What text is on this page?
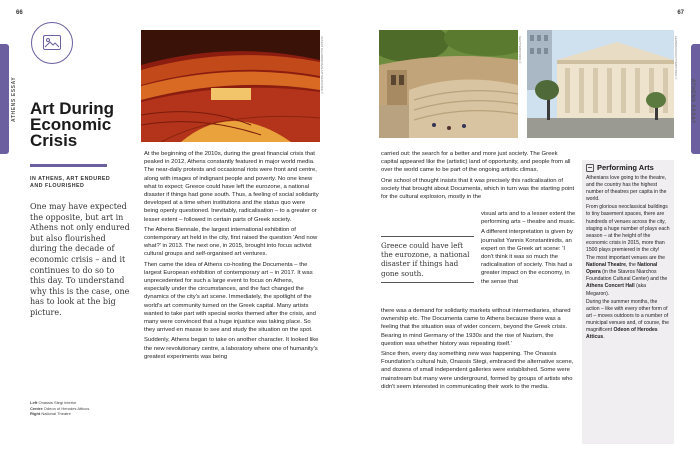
66	67
ATHENS ESSAY	ATHENS ESSAY
Art During Economic Crisis
IN ATHENS, ART ENDURED AND FLOURISHED
One may have expected the opposite, but art in Athens not only endured but also flourished during the decade of economic crisis – and it continues to do so to this day. To understand why this is the case, one has to look at the big picture.
Left Onassis Stegi interior
Centre Odeon of Herodes Atticus
Right National Theatre
VASILIS KALOGIROS/SHUTTERSTOCK ©	SHUTTERSTOCK ©	LEONIDAS/SHUTTERSTOCK ©

At the beginning of the 2010s, during the great financial crisis that peaked in 2012, Athens constantly featured in major world media. The near-daily protests and occasional riots were front and centre, along with images of indignant people and poverty. No one knew what to expect; Greece could have left the eurozone, a national disaster if things had gone south. Thus, a feeling of social solidarity developed at a time when institutions and the status quo were being openly questioned. Inevitably, radicalisation – to a greater or lesser extent – followed in certain parts of Greek society.

The Athens Biennale, the largest international exhibition of contemporary art held in the city, first raised the question 'And now what?' in 2013. The next one, in 2015, brought into focus activist cultural groups and self-organised art ventures.

Then came the idea of Athens co-hosting the Documenta – the largest European exhibition of contemporary art – in 2017. It was unprecedented for such a large event to focus on Athens, especially under the circumstances, and the fact changed the dynamics of the city's art scene. Immediately, the spotlight of the world's art community turned on the Greek capital. Many artists wanted to take part with special works themed after the crisis, and many were convinced that a huge injustice was taking place. So they arrived en masse to see and study the situation on the spot.

Suddenly, Athens began to take on another character. It looked like the new revolutionary centre, a laboratory where one of humanity's greatest experiments was being

carried out: the search for a better and more just society. The Greek capital appeared like the (artistic) land of opportunity, and people from all over the world came to be part of the ongoing artistic climax.

One school of thought insists that it was precisely this radicalisation of society that brought about Documenta, which in turn was the starting point for the cultural explosion, mostly in the

visual arts and to a lesser extent the performing arts – theatre and music.

A different interpretation is given by journalist Yannis Konstantinidis, an expert on the Greek art scene: 'I don't think it was so much the radicalisation of society. This had a greater impact on the economy, in the sense that

Greece could have left the eurozone, a national disaster if things had gone south.

there was a demand for solidarity markets without intermediaries, shared ownership etc. The Documenta came to Athens because there was a feeling that the situation was of wider concern, beyond the Greek crisis. Bearing in mind Germany of the 1930s and the rise of Nazism, the question was whether history was repeating itself.'

Since then, every day something new was happening. The Onassis Foundation's cultural hub, Onassis Stegi, embraced the alternative scene, and dozens of small independent galleries were established. Some were mainstream but many were underground, formed by groups of artists who didn't seem interested in communicating their work to the media.

Performing Arts

Athenians love going to the theatre, and the country has the highest number of theatres per capita in the world.

From glorious neoclassical buildings to tiny basement spaces, there are hundreds of venues across the city, staging a huge number of plays each season – at the height of the economic crisis in 2015, more than 1500 plays premiered in the city!

The most important venues are the National Theatre, the National Opera (in the Stavros Niarchos Foundation Cultural Center) and the Athens Concert Hall (aka Megaron).

During the summer months, the action – like with every other form of art – moves outdoors to a number of municipal venues and, of course, the magnificent Odeon of Herodes Atticus.
